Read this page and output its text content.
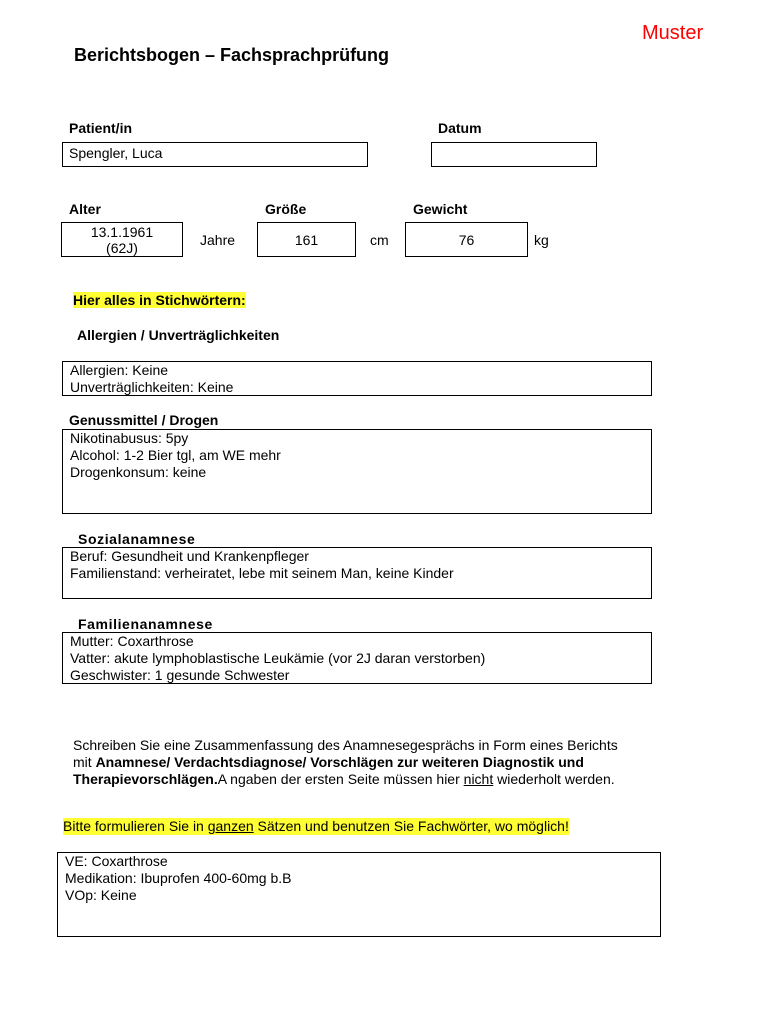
Muster
Berichtsbogen – Fachsprachprüfung
Patient/in
Spengler, Luca
Datum
Alter
13.1.1961
(62J)	Jahre
Größe
161	cm
Gewicht
76	kg
Hier alles in Stichwörtern:
Allergien / Unverträglichkeiten
Allergien: Keine
Unverträglichkeiten: Keine
Genussmittel / Drogen
Nikotinabusus: 5py
Alcohol: 1-2 Bier tgl, am WE mehr
Drogenkonsum: keine
Sozialanamnese
Beruf: Gesundheit und Krankenpfleger
Familienstand: verheiratet, lebe mit seinem Man, keine Kinder
Familienanamnese
Mutter: Coxarthrose
Vatter: akute lymphoblastische Leukämie (vor 2J daran verstorben)
Geschwister: 1 gesunde Schwester
Schreiben Sie eine Zusammenfassung des Anamnesegesprächs in Form eines Berichts mit Anamnese/ Verdachtsdiagnose/ Vorschlägen zur weiteren Diagnostik und Therapievorschlägen.A ngaben der ersten Seite müssen hier nicht wiederholt werden.
Bitte formulieren Sie in ganzen Sätzen und benutzen Sie Fachwörter, wo möglich!
VE: Coxarthrose
Medikation: Ibuprofen 400-60mg b.B
VOp: Keine
